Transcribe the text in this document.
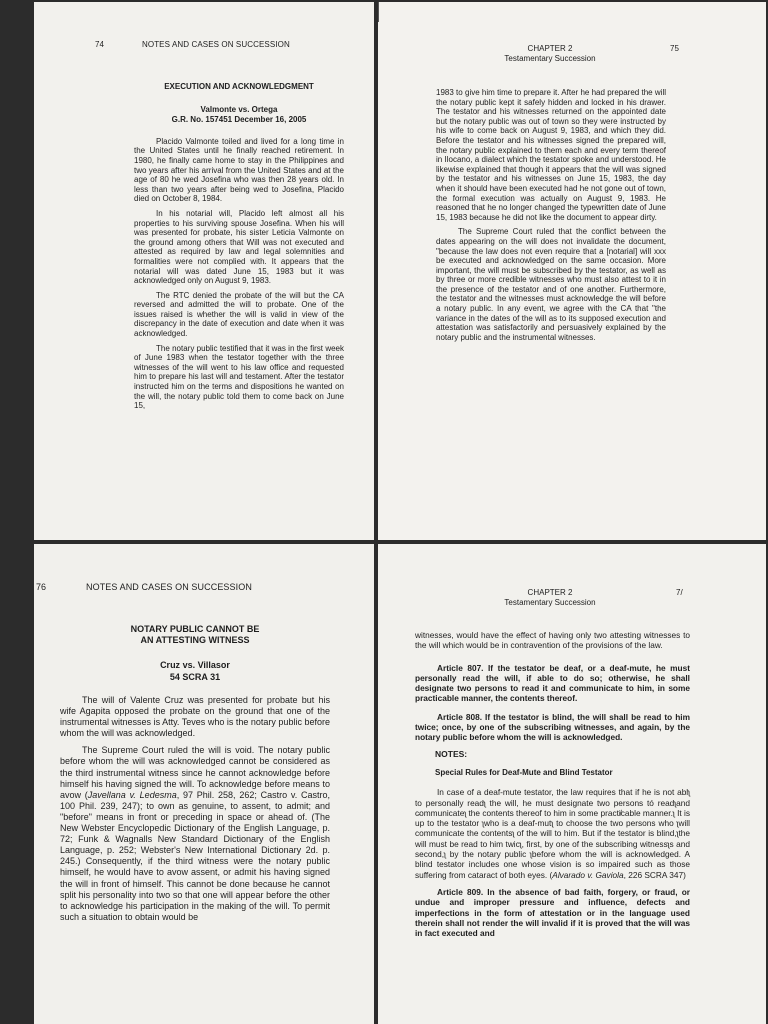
74	NOTES AND CASES ON SUCCESSION
EXECUTION AND ACKNOWLEDGMENT
Valmonte vs. Ortega
G.R. No. 157451 December 16, 2005

Placido Valmonte toiled and lived for a long time in the United States until he finally reached retirement. In 1980, he finally came home to stay in the Philippines and two years after his arrival from the United States and at the age of 80 he wed Josefina who was then 28 years old. In less than two years after being wed to Josefina, Placido died on October 8, 1984.

In his notarial will, Placido left almost all his properties to his surviving spouse Josefina. When his will was presented for probate, his sister Leticia Valmonte on the ground among others that Will was not executed and attested as required by law and legal solemnities and formalities were not complied with. It appears that the notarial will was dated June 15, 1983 but it was acknowledged only on August 9, 1983.

The RTC denied the probate of the will but the CA reversed and admitted the will to probate. One of the issues raised is whether the will is valid in view of the discrepancy in the date of execution and date when it was acknowledged.

The notary public testified that it was in the first week of June 1983 when the testator together with the three witnesses of the will went to his law office and requested him to prepare his last will and testament. After the testator instructed him on the terms and dispositions he wanted on the will, the notary public told them to come back on June 15,

CHAPTER 2
Testamentary Succession
75

1983 to give him time to prepare it. After he had prepared the will the notary public kept it safely hidden and locked in his drawer. The testator and his witnesses returned on the appointed date but the notary public was out of town so they were instructed by his wife to come back on August 9, 1983, and which they did. Before the testator and his witnesses signed the prepared will, the notary public explained to them each and every term thereof in Ilocano, a dialect which the testator spoke and understood. He likewise explained that though it appears that the will was signed by the testator and his witnesses on June 15, 1983, the day when it should have been executed had he not gone out of town, the formal execution was actually on August 9, 1983. He reasoned that he no longer changed the typewritten date of June 15, 1983 because he did not like the document to appear dirty.

The Supreme Court ruled that the conflict between the dates appearing on the will does not invalidate the document, "because the law does not even require that a [notarial] will xxx be executed and acknowledged on the same occasion. More important, the will must be subscribed by the testator, as well as by three or more credible witnesses who must also attest to it in the presence of the testator and of one another. Furthermore, the testator and the witnesses must acknowledge the will before a notary public. In any event, we agree with the CA that "the variance in the dates of the will as to its supposed execution and attestation was satisfactorily and persuasively explained by the notary public and the instrumental witnesses.

76	NOTES AND CASES ON SUCCESSION
NOTARY PUBLIC CANNOT BE
AN ATTESTING WITNESS
Cruz vs. Villasor
54 SCRA 31

The will of Valente Cruz was presented for probate but his wife Agapita opposed the probate on the ground that one of the instrumental witnesses is Atty. Teves who is the notary public before whom the will was acknowledged.

The Supreme Court ruled the will is void. The notary public before whom the will was acknowledged cannot be considered as the third instrumental witness since he cannot acknowledge before himself his having signed the will. To acknowledge before means to avow (Javellana v. Ledesma, 97 Phil. 258, 262; Castro v. Castro, 100 Phil. 239, 247); to own as genuine, to assent, to admit; and "before" means in front or preceding in space or ahead of. (The New Webster Encyclopedic Dictionary of the English Language, p. 72; Funk & Wagnalls New Standard Dictionary of the English Language, p. 252; Webster's New International Dictionary 2d. p. 245.) Consequently, if the third witness were the notary public himself, he would have to avow assent, or admit his having signed the will in front of himself. This cannot be done because he cannot split his personality into two so that one will appear before the other to acknowledge his participation in the making of the will. To permit such a situation to obtain would be

CHAPTER 2
Testamentary Succession
7/

witnesses, would have the effect of having only two attesting witnesses to the will which would be in contravention of the provisions of the law.

Article 807. If the testator be deaf, or a deaf-mute, he must personally read the will, if able to do so; otherwise, he shall designate two persons to read it and communicate to him, in some practicable manner, the contents thereof.

Article 808. If the testator is blind, the will shall be read to him twice; once, by one of the subscribing witnesses, and again, by the notary public before whom the will is acknowledged.

NOTES:
Special Rules for Deaf-Mute and Blind Testator

In case of a deaf-mute testator, the law requires that if he is not ablʅ to personally readʅ the will, he must designate two persons tó readʅand c̵ommunicateʅ the contents thereof to him in some practi̸cable manner.ʅ It is up to the testator ʅwho is a deaf-mutʅ to choose the two persons who ʅwill communicate the contentsʅ of the will to him. But if the testator is blind,ʅthe will must be read to him twicʅ, first, by one of the subscribing witnessʅs and second,ʅ by the notary public ʅbefore whom the will is acknowledged. A blind testator includes one whose vision is so impaired such as those suffering from cataract of both eyes. (Alvarado v. Gaviola, 226 SCRA 347)

Article 809. In the absence of bad faith, forgery, or fraud, or undue and improper pressure and influence, defects and imperfections in the form of attestation or in the language used therein shall not render the will invalid if it is proved that the will was in fact executed and
